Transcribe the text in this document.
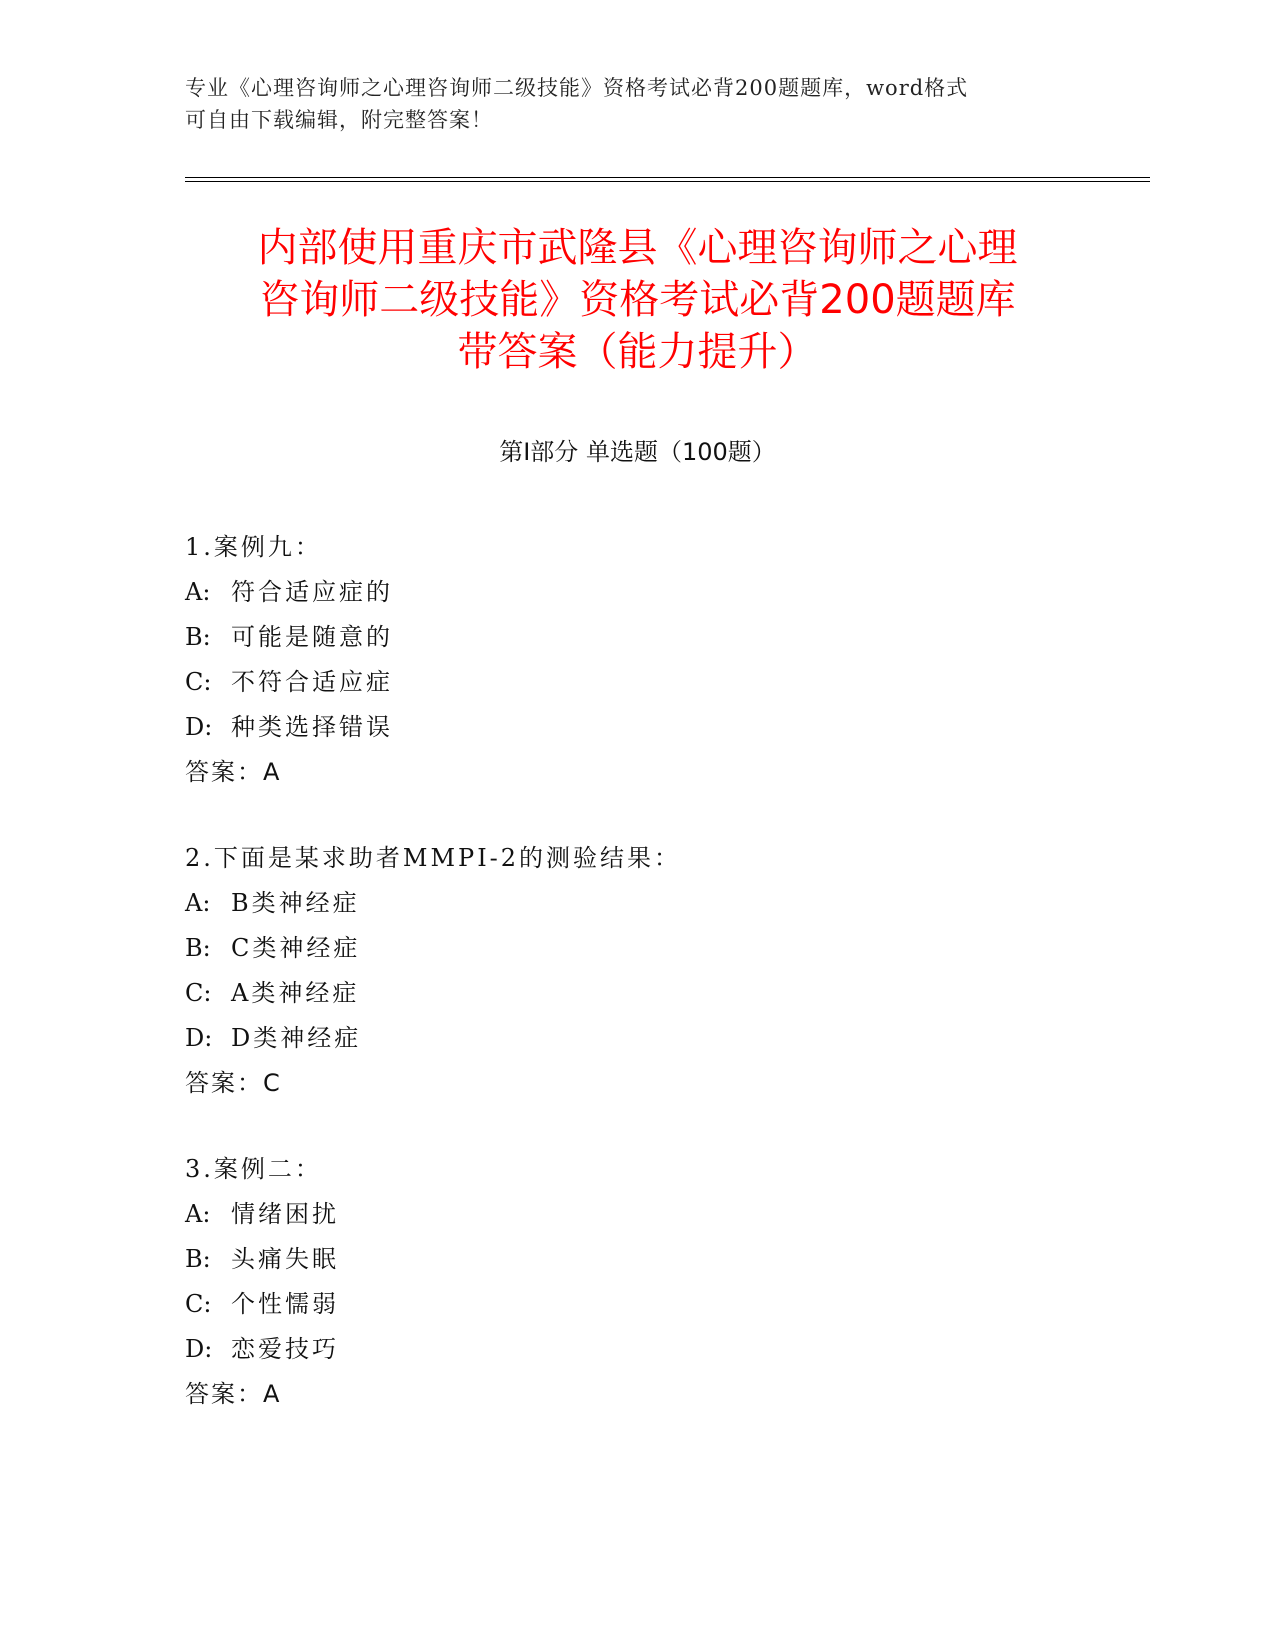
专业《心理咨询师之心理咨询师二级技能》资格考试必背200题题库，word格式
可自由下载编辑，附完整答案！
内部使用重庆市武隆县《心理咨询师之心理
咨询师二级技能》资格考试必背200题题库
带答案（能力提升）
第Ⅰ部分 单选题（100题）
1.案例九：
A: 符合适应症的
B: 可能是随意的
C: 不符合适应症
D: 种类选择错误
答案：A
2.下面是某求助者MMPI-2的测验结果：
A: B类神经症
B: C类神经症
C: A类神经症
D: D类神经症
答案：C
3.案例二：
A: 情绪困扰
B: 头痛失眠
C: 个性懦弱
D: 恋爱技巧
答案：A
